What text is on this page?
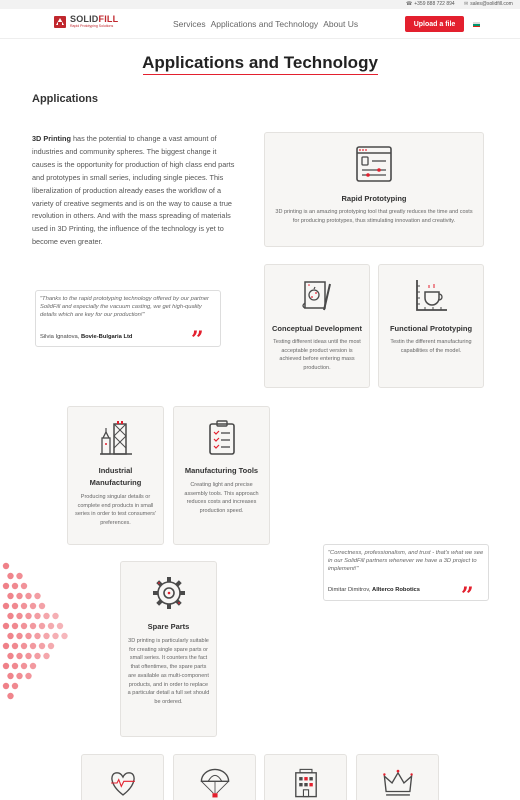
☎ +359 888 722 894 ✉ sales@solidfill.com
SOLIDFILL
Rapid Prototyping Solutions	Services Applications and Technology About Us	Upload a file
Applications and Technology
Applications

3D Printing has the potential to change a vast amount of industries and community spheres. The biggest change it causes is the opportunity for production of high class end parts and prototypes in small series, including single pieces. This liberalization of production already eases the workflow of a variety of creative segments and is on the way to cause a true revolution in others. And with the mass spreading of materials used in 3D Printing, the influence of the technology is yet to become even greater.

Rapid Prototyping

3D printing is an amazing prototyping tool that greatly reduces the time and costs for producing prototypes, thus stimulating innovation and creativity.

Conceptual Development

Testing different ideas until the most acceptable product version is achieved before entering mass production.

Functional Prototyping

Testin the different manufacturing capabilities of the model.

"Thanks to the rapid prototyping technology offered by our partner SolidFill and especially the vacuum casting, we get high-quality details which are key for our production!"
Silvia Ignatova, Bovie-Bulgaria Ltd	”
Industrial Manufacturing

Producing singular details or complete end products in small series in order to test consumers' preferences.

Manufacturing Tools

Creating light and precise assembly tools. This approach reduces costs and increases production speed.

"Correctness, professionalism, and trust - that's what we see in our SolidFill partners whenever we have a 3D project to implement!"
Dimitar Dimitrov, Allterco Robotics ”
Spare Parts

3D printing is particularly suitable for creating single spare parts or small series. It counters the fact that oftentimes, the spare parts are available as multi-component products, and in order to replace a particular detail a full set should be ordered.
